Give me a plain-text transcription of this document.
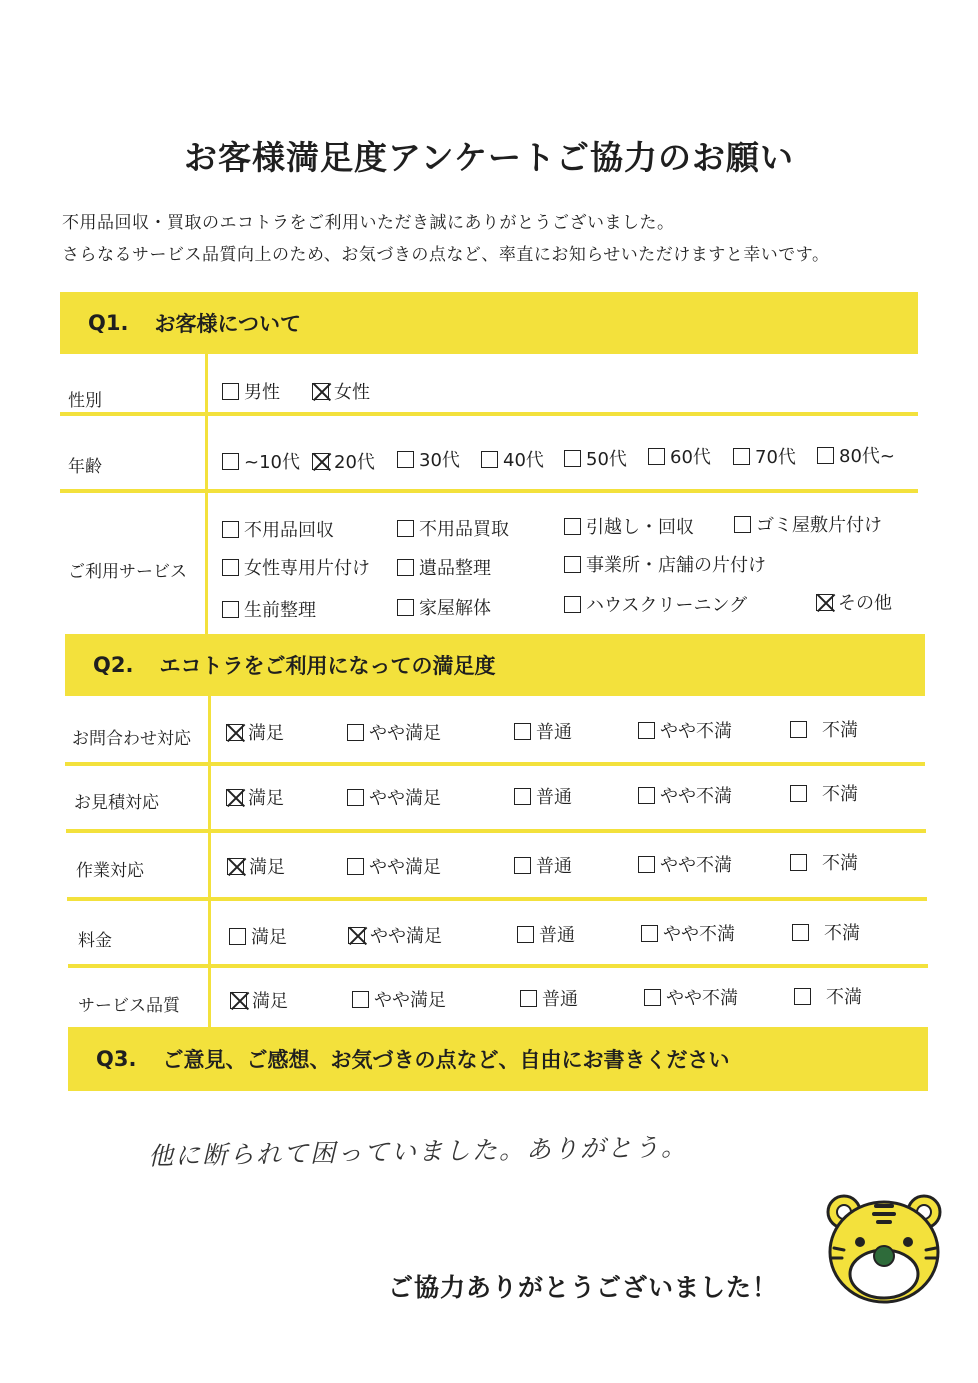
お客様満足度アンケートご協力のお願い
不用品回収・買取のエコトラをご利用いただき誠にありがとうございました。
さらなるサービス品質向上のため、お気づきの点など、率直にお知らせいただけますと幸いです。
Q1. お客様について
性別	男性	女性
年齢	~10代 20代 30代 40代 50代 60代 70代 80代~
ご利用サービス
不用品回収	不用品買取	引越し・回収	ゴミ屋敷片付け
女性専用片付け	遺品整理	事業所・店舗の片付け
生前整理	家屋解体	ハウスクリーニング	その他
Q2. エコトラをご利用になっての満足度
お問合わせ対応	満足	やや満足	普通	やや不満	不満
お見積対応	満足	やや満足	普通	やや不満	不満
作業対応	満足	やや満足	普通	やや不満	不満
料金	満足	やや満足	普通	やや不満	不満
サービス品質	満足	やや満足	普通	やや不満	不満
Q3. ご意見、ご感想、お気づきの点など、自由にお書きください
他に断られて困っていました。ありがとう。
ご協力ありがとうございました！
